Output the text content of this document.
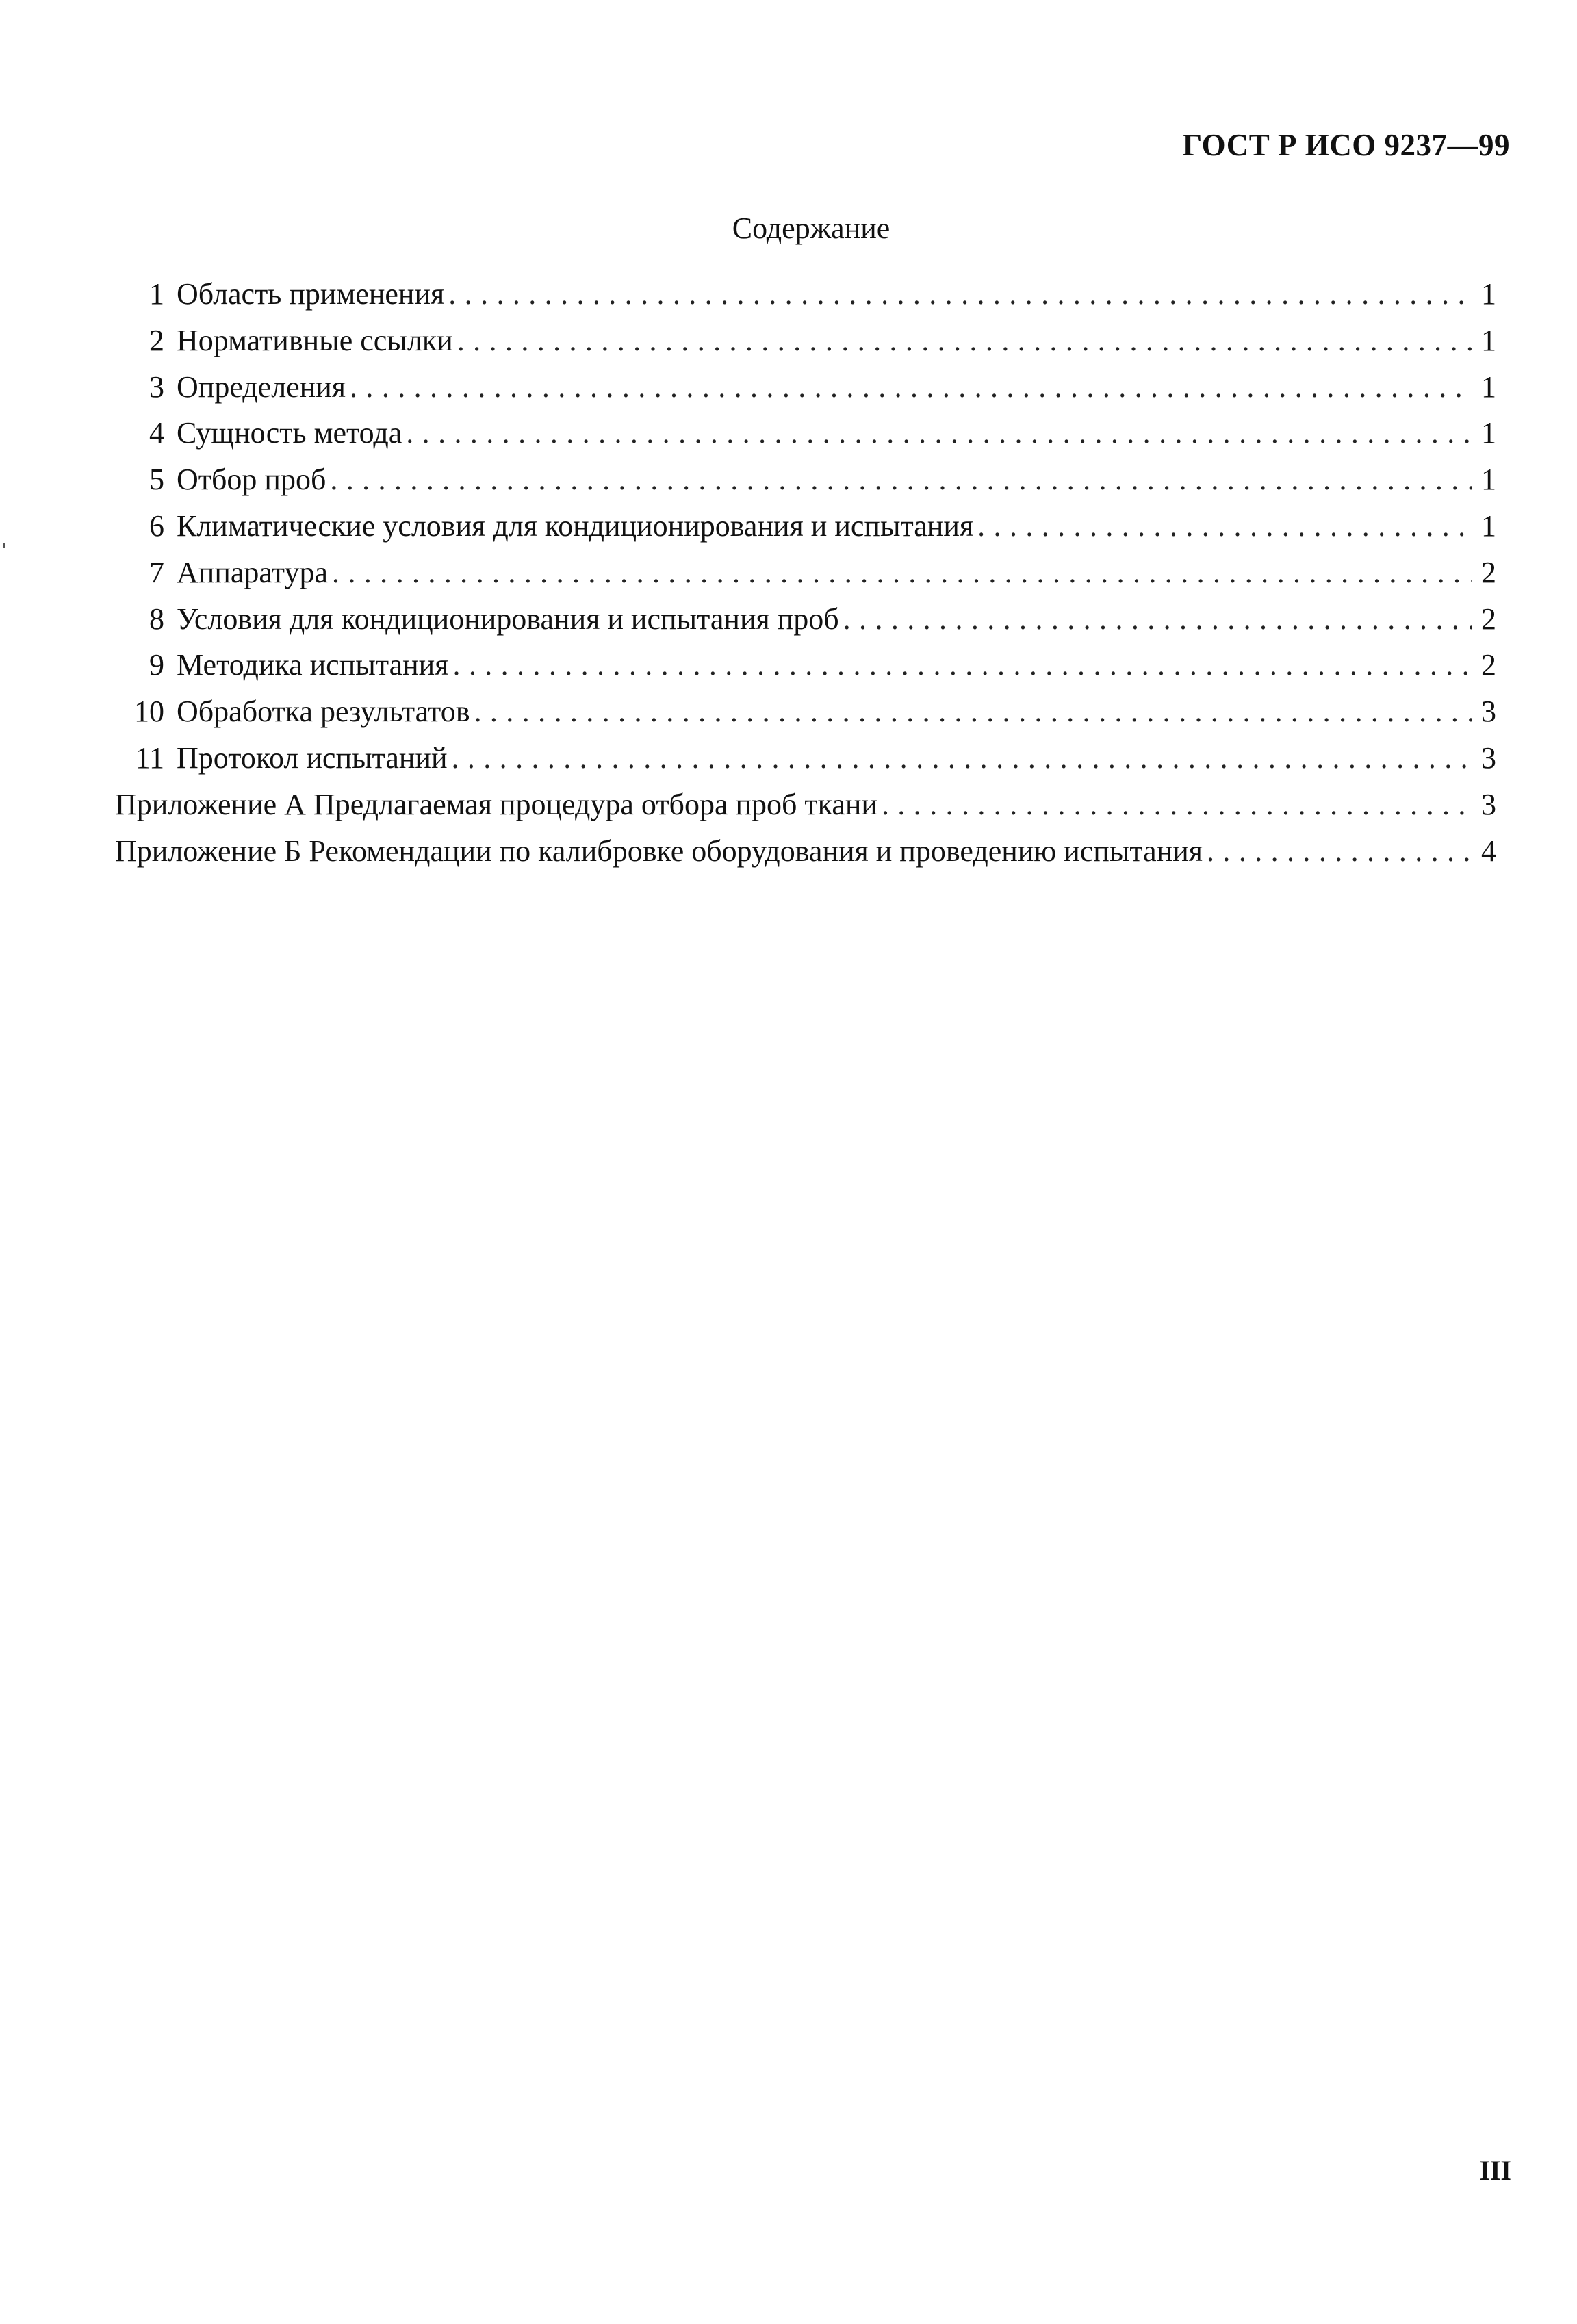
ГОСТ Р ИСО 9237—99
Содержание
1 Область применения .....	1
2 Нормативные ссылки .....	1
3 Определения .....	1
4 Сущность метода .....	1
5 Отбор проб .....	1
6 Климатические условия для кондиционирования и испытания .....	1
7 Аппаратура .....	2
8 Условия для кондиционирования и испытания проб .....	2
9 Методика испытания .....	2
10 Обработка результатов .....	3
11 Протокол испытаний .....	3
Приложение А Предлагаемая процедура отбора проб ткани .....	3
Приложение Б Рекомендации по калибровке оборудования и проведению испытания .....	4
III
